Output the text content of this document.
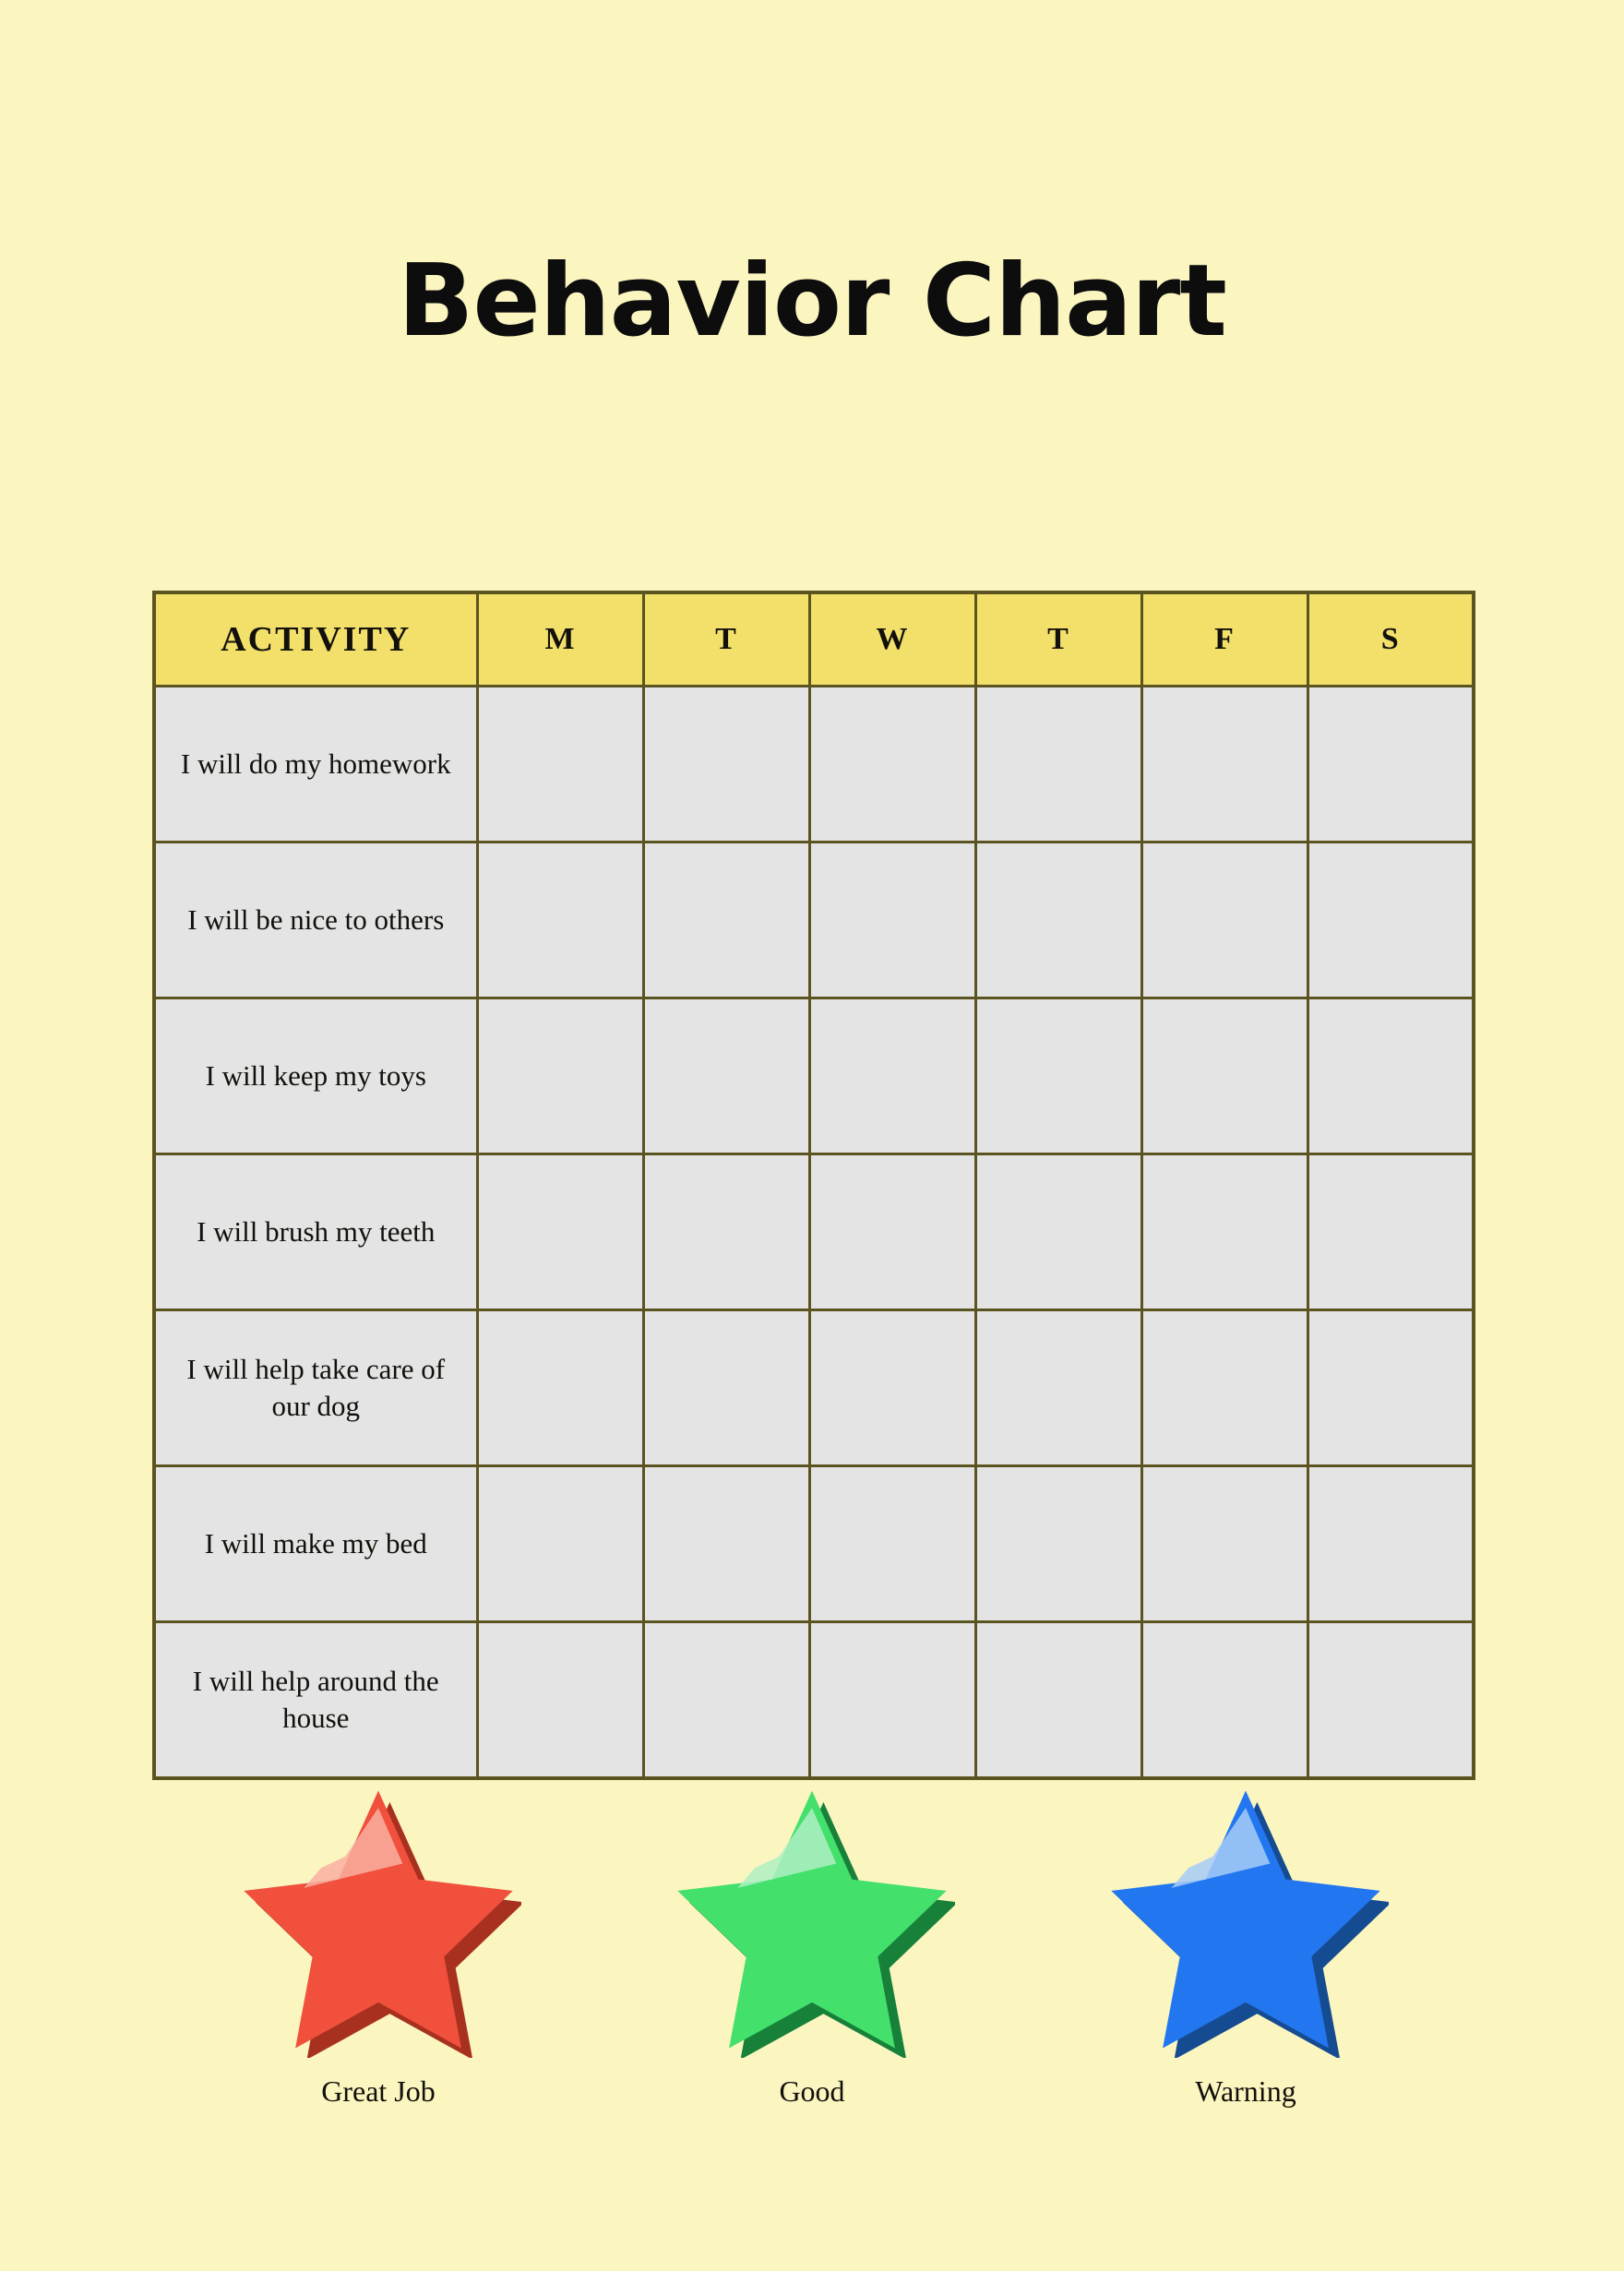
Behavior Chart
ACTIVITY	M	T	W	T	F	S
I will do my homework						
I will be nice to others						
I will keep my toys						
I will brush my teeth						
I will help take care of our dog						
I will make my bed						
I will help around the house						
Great Job	Good	Warning
